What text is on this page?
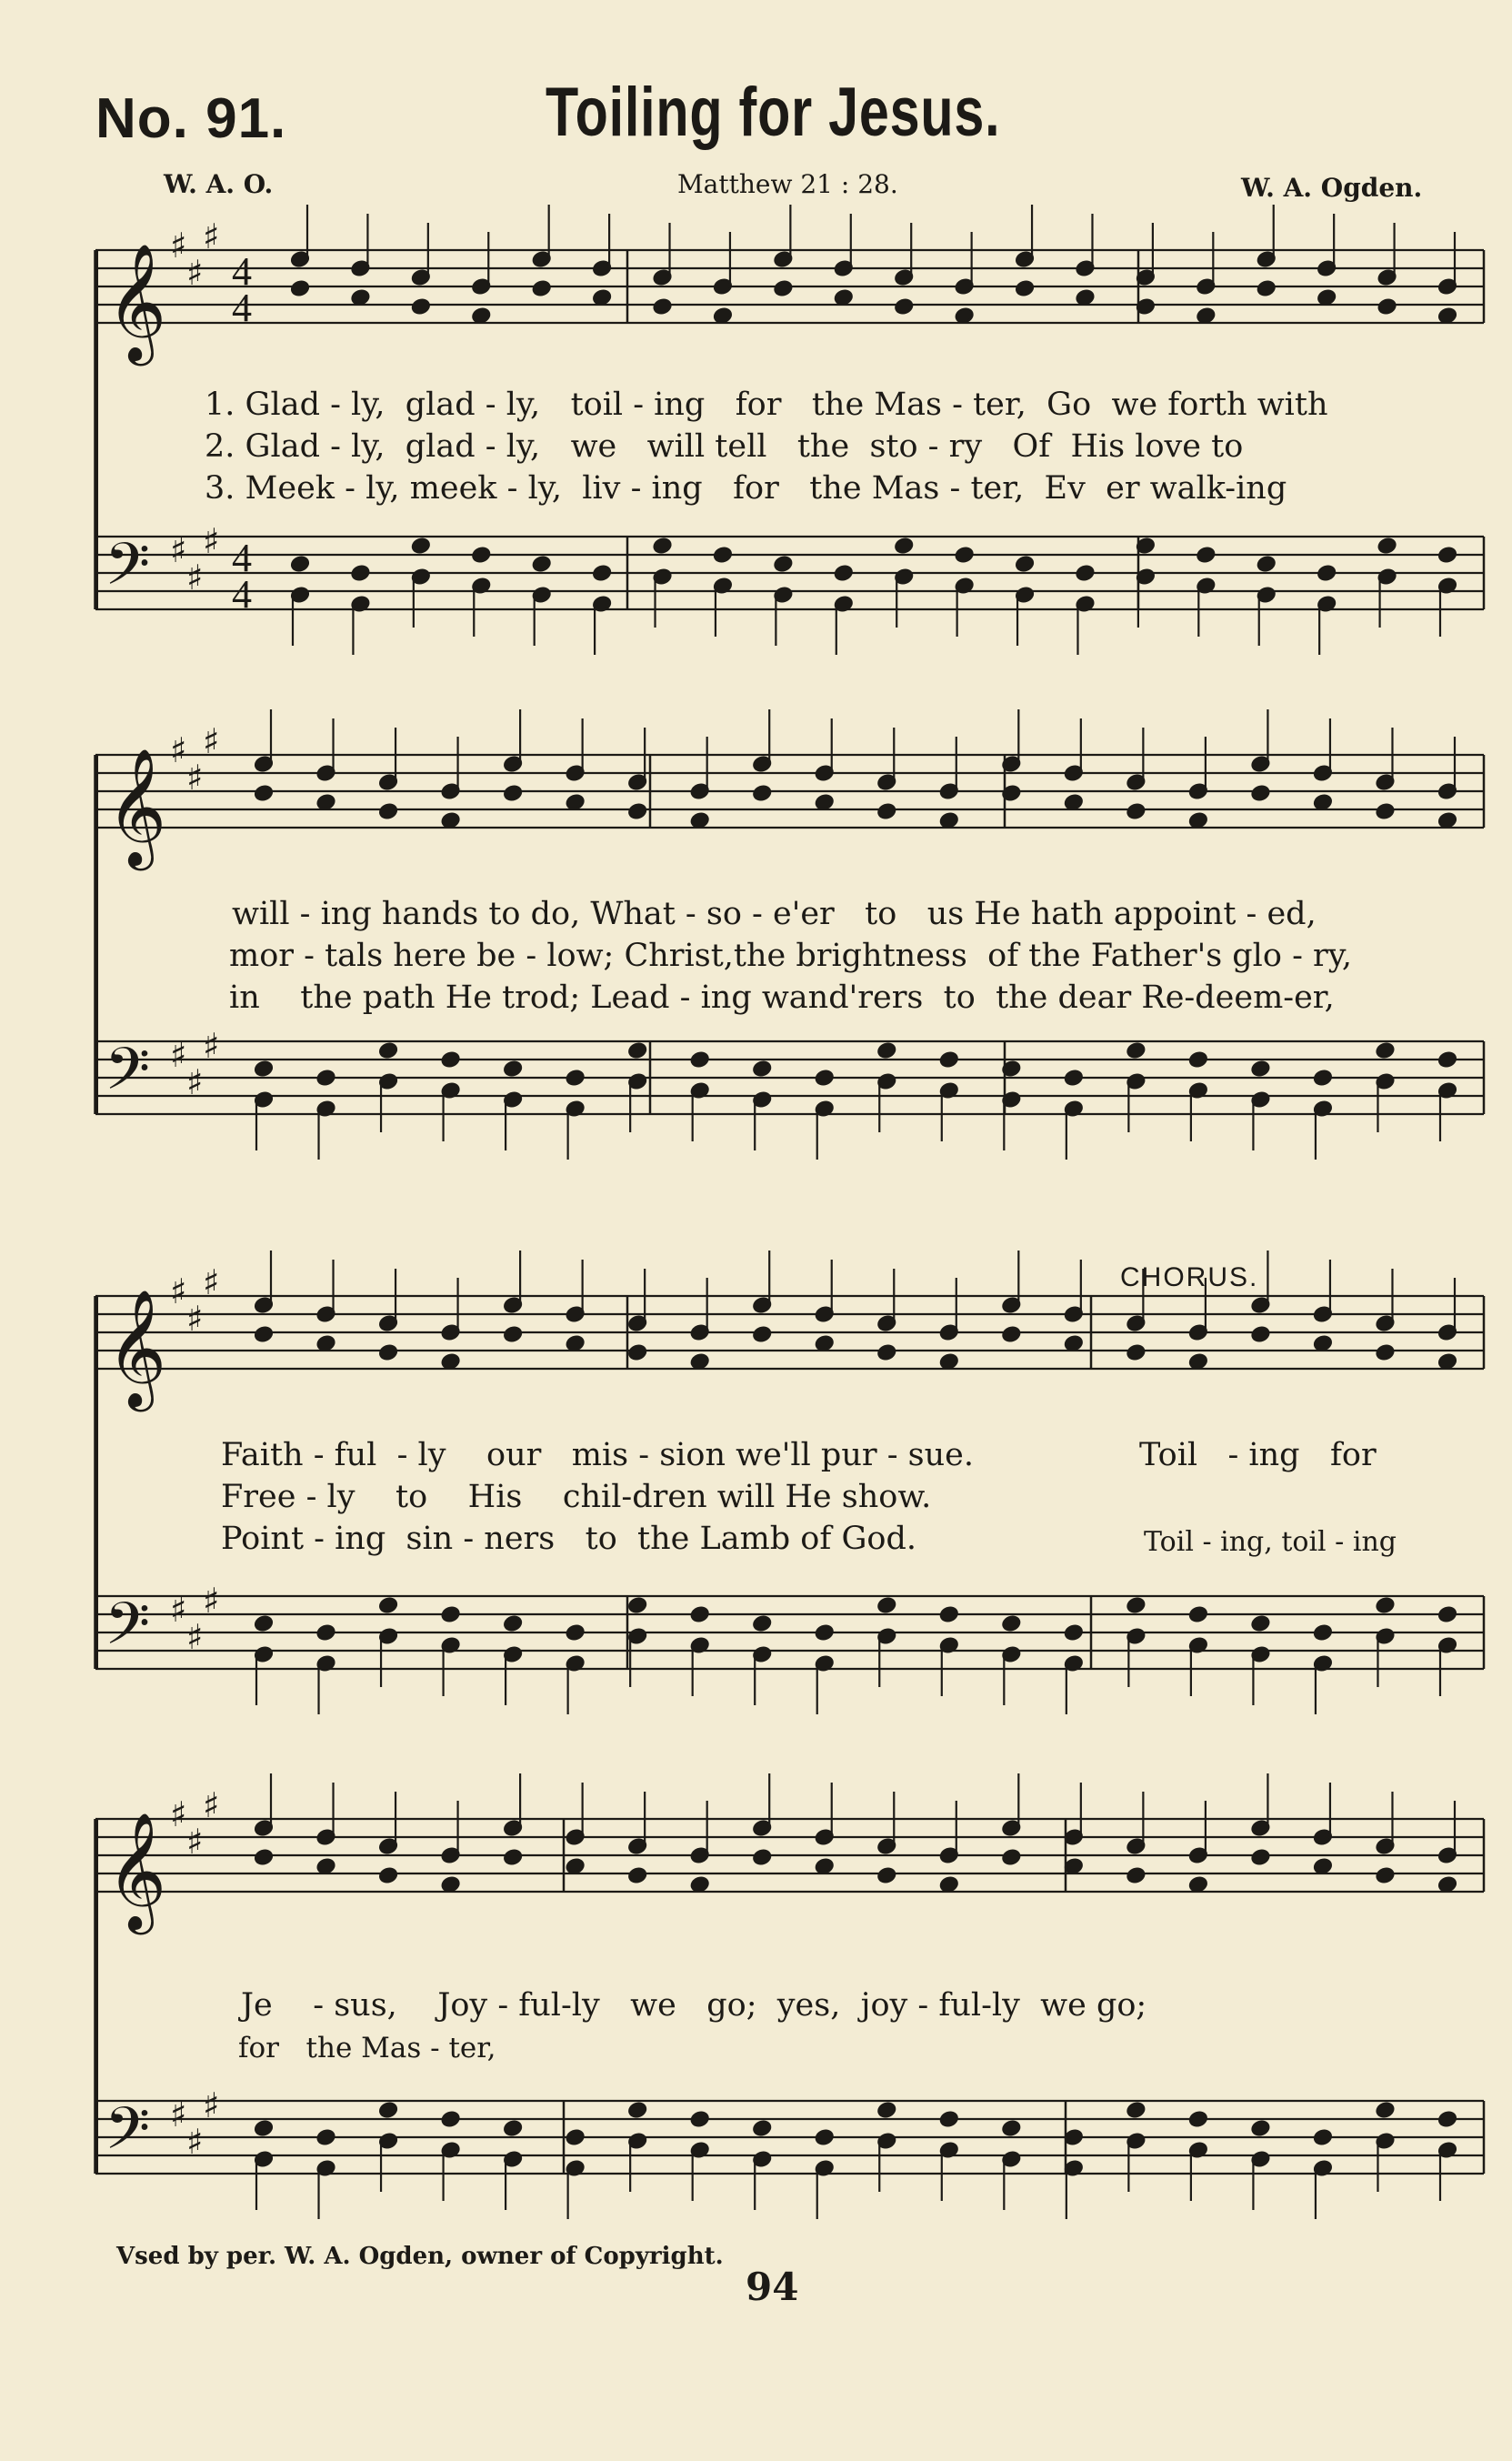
No. 91.	Toiling for Jesus.
W. A. O.	Matthew 21 : 28.	W. A. Ogden.
𝄞
𝄢
♯
♯
♯
♯
♯
♯
4
4
4
4
𝄞
𝄢
♯
♯
♯
♯
♯
♯
𝄞
𝄢
♯
♯
♯
♯
♯
♯
𝄞
𝄢
♯
♯
♯
♯
♯
♯
1. Glad - ly, glad - ly, toil - ing for the Mas - ter, Go we forth with
2. Glad - ly, glad - ly, we will tell the sto - ry Of His love to
3. Meek - ly, meek - ly, liv - ing for the Mas - ter, Ev er walk-ing
will - ing hands to do, What - so - e'er to us He hath appoint - ed,
mor - tals here be - low; Christ,the brightness of the Father's glo - ry,
in the path He trod; Lead - ing wand'rers to the dear Re-deem-er,
CHORUS.
Faith - ful - ly our mis - sion we'll pur - sue.
Free - ly to His chil-dren will He show.
Point - ing sin - ners to the Lamb of God.
Toil - ing for
Toil - ing, toil - ing
Je - sus, Joy - ful-ly we go; yes, joy - ful-ly we go;
for the Mas - ter,
Vsed by per. W. A. Ogden, owner of Copyright.
94
